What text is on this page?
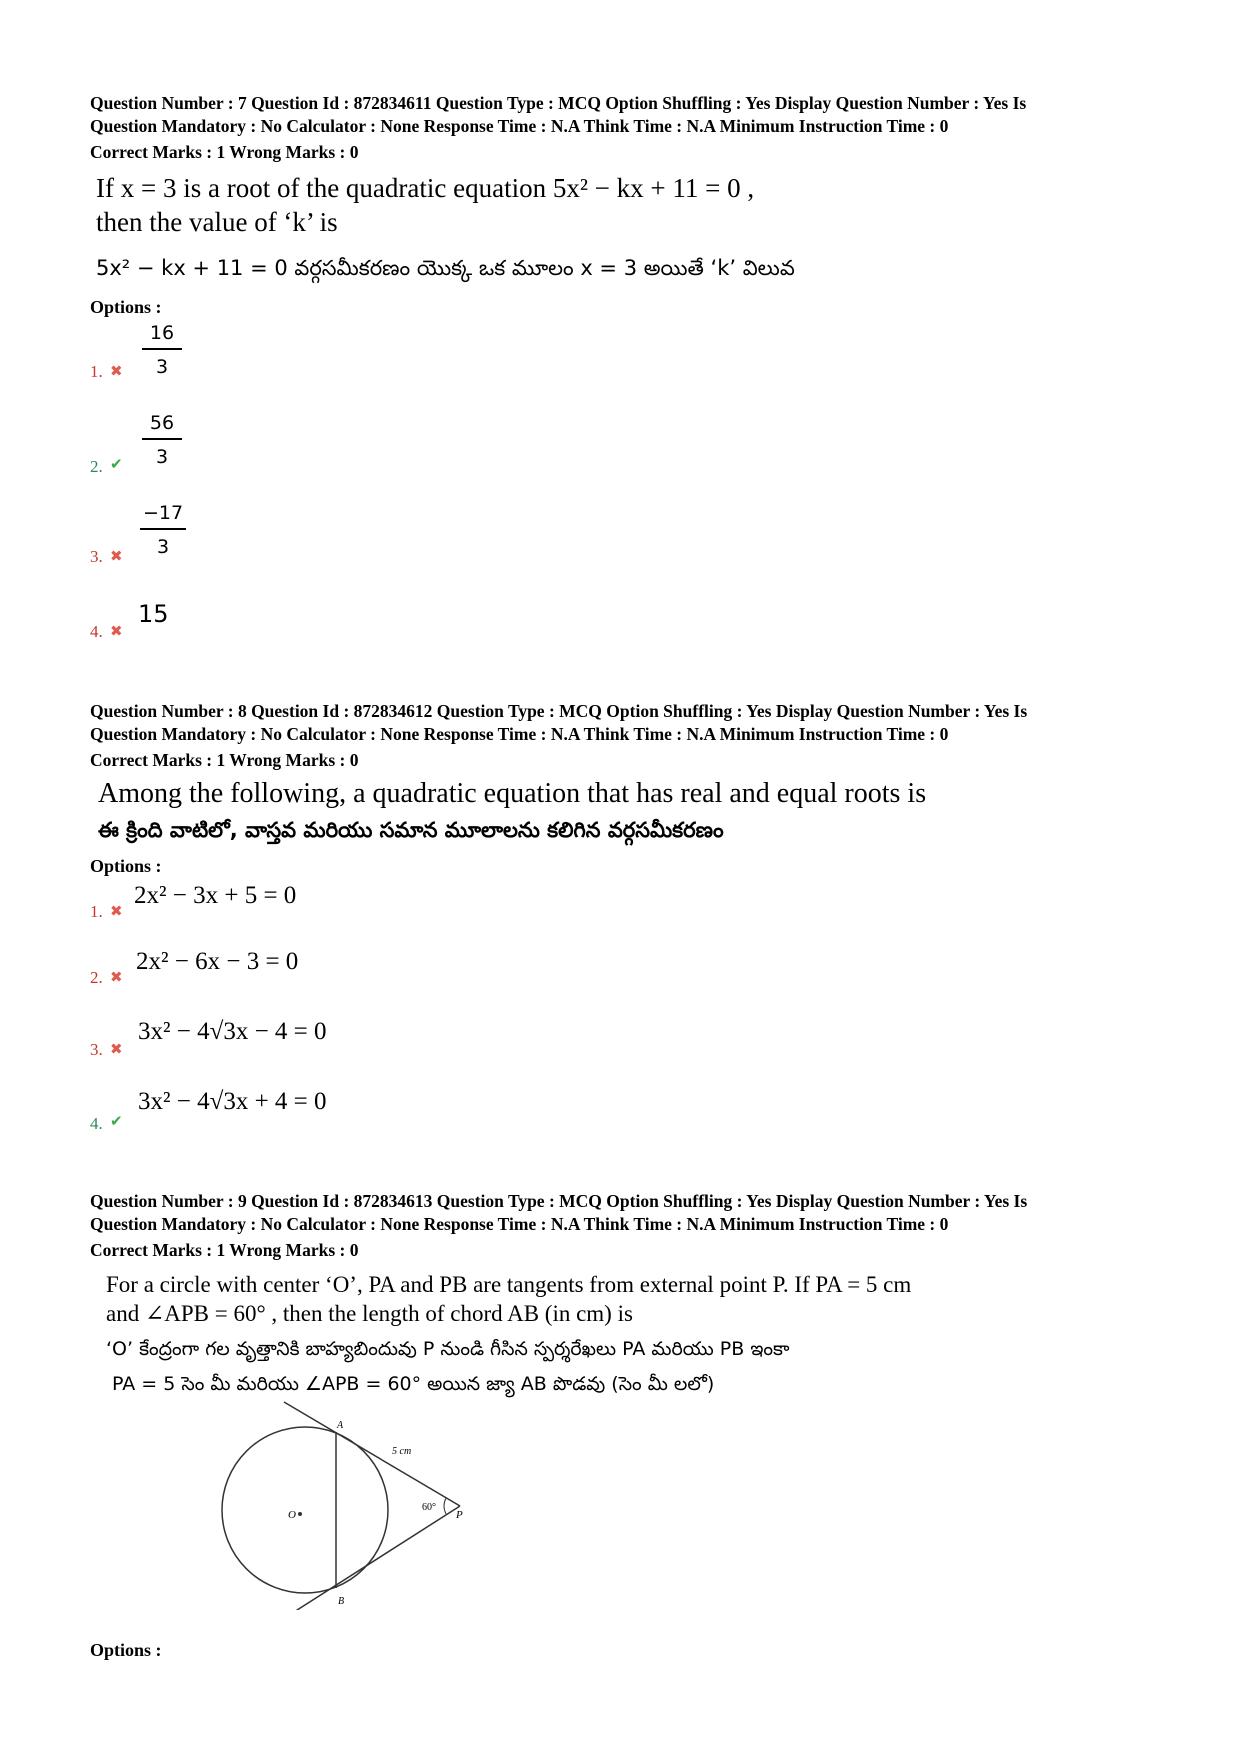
Question Number : 7 Question Id : 872834611 Question Type : MCQ Option Shuffling : Yes Display Question Number : Yes Is
Question Mandatory : No Calculator : None Response Time : N.A Think Time : N.A Minimum Instruction Time : 0
Correct Marks : 1 Wrong Marks : 0
If x = 3 is a root of the quadratic equation 5x² − kx + 11 = 0 ,
then the value of ‘k’ is
5x² − kx + 11 = 0 వర్గసమీకరణం యొక్క ఒక మూలం x = 3 అయితే ‘k’ విలువ
Options :
1. ✖ $\frac{16}{3}$
2. ✔ $\frac{56}{3}$
3. ✖ $\frac{-17}{3}$
4. ✖
15
Question Number : 8 Question Id : 872834612 Question Type : MCQ Option Shuffling : Yes Display Question Number : Yes Is
Question Mandatory : No Calculator : None Response Time : N.A Think Time : N.A Minimum Instruction Time : 0
Correct Marks : 1 Wrong Marks : 0
Among the following, a quadratic equation that has real and equal roots is
ఈ క్రింది వాటిలో, వాస్తవ మరియు సమాన మూలాలను కలిగిన వర్గసమీకరణం
Options :
1. ✖
2x² − 3x + 5 = 0
2. ✖
2x² − 6x − 3 = 0
3. ✖
3x² − 4√3x − 4 = 0
4. ✔
3x² − 4√3x + 4 = 0
Question Number : 9 Question Id : 872834613 Question Type : MCQ Option Shuffling : Yes Display Question Number : Yes Is
Question Mandatory : No Calculator : None Response Time : N.A Think Time : N.A Minimum Instruction Time : 0
Correct Marks : 1 Wrong Marks : 0
For a circle with center ‘O’, PA and PB are tangents from external point P. If PA = 5 cm
and ∠APB = 60° , then the length of chord AB (in cm) is
‘O’ కేంద్రంగా గల వృత్తానికి బాహ్యబిందువు P నుండి గీసిన స్పర్శరేఖలు PA మరియు PB ఇంకా
PA = 5 సెం మీ మరియు ∠APB = 60° అయిన జ్యా AB పొడవు (సెం మీ లలో)
A
B
O	P
5 cm
60°
Options :
